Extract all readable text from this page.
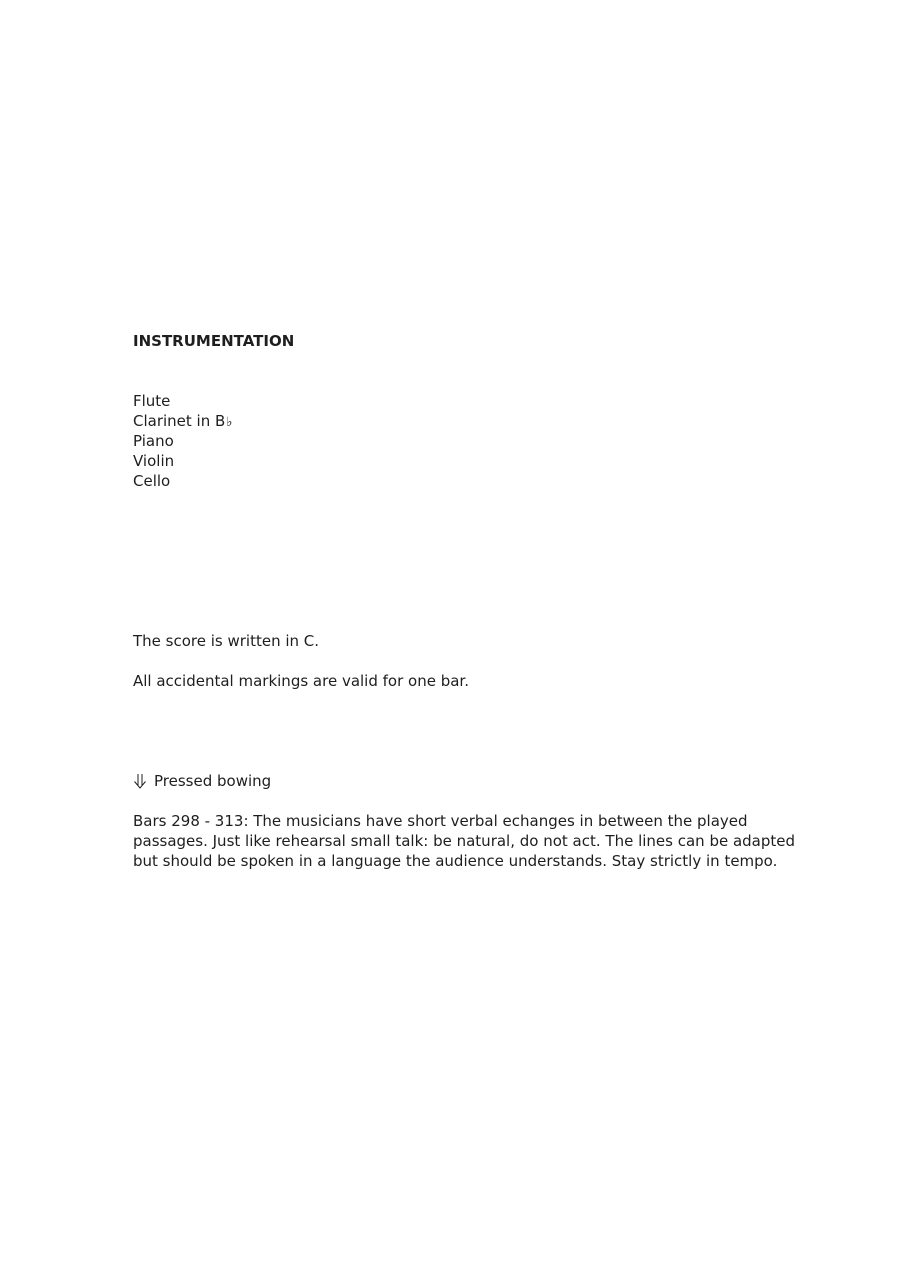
INSTRUMENTATION
Flute
Clarinet in B♭
Piano
Violin
Cello

The score is written in C.

All accidental markings are valid for one bar.

Pressed bowing

Bars 298 - 313: The musicians have short verbal echanges in between the played passages. Just like rehearsal small talk: be natural, do not act. The lines can be adapted but should be spoken in a language the audience understands. Stay strictly in tempo.
